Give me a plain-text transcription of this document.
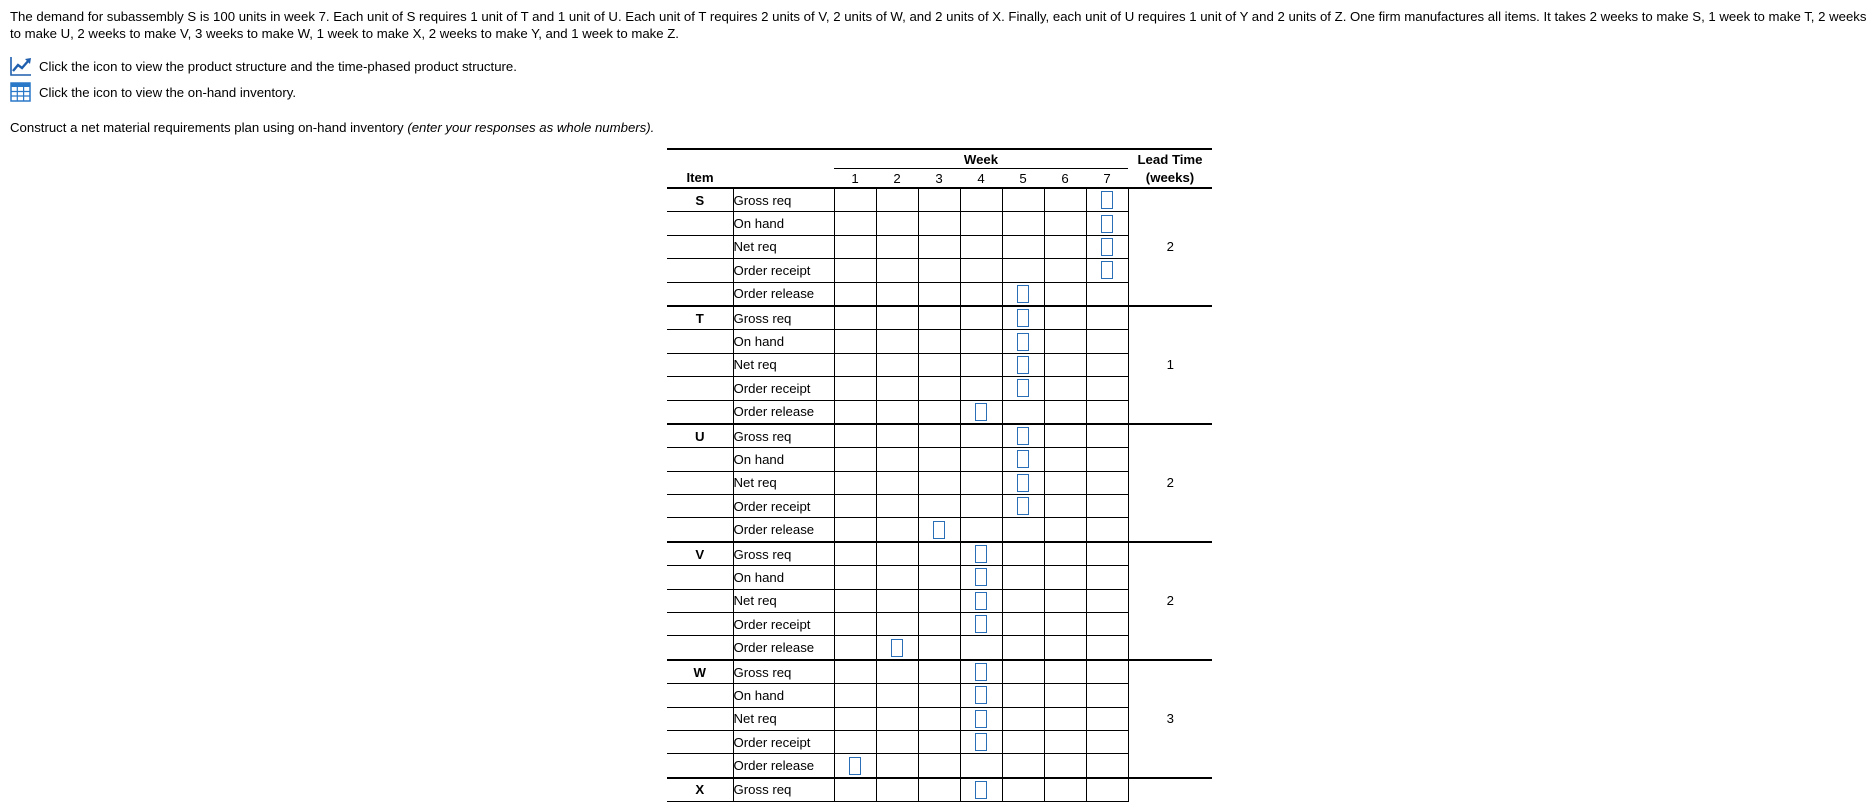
The demand for subassembly S is 100 units in week 7. Each unit of S requires 1 unit of T and 1 unit of U. Each unit of T requires 2 units of V, 2 units of W, and 2 units of X. Finally, each unit of U requires 1 unit of Y and 2 units of Z. One firm manufactures all items. It takes 2 weeks to make S, 1 week to make T, 2 weeks to make U, 2 weeks to make V, 3 weeks to make W, 1 week to make X, 2 weeks to make Y, and 1 week to make Z.
Click the icon to view the product structure and the time-phased product structure.
Click the icon to view the on-hand inventory.
Construct a net material requirements plan using on-hand inventory (enter your responses as whole numbers).
		Week							Lead Time
Item		1	2	3	4	5	6	7	(weeks)
S	Gross req								2
	On hand								
	Net req								
	Order receipt								
	Order release								
T	Gross req								1
	On hand								
	Net req								
	Order receipt								
	Order release								
U	Gross req								2
	On hand								
	Net req								
	Order receipt								
	Order release								
V	Gross req								2
	On hand								
	Net req								
	Order receipt								
	Order release								
W	Gross req								3
	On hand								
	Net req								
	Order receipt								
	Order release								
X	Gross req								
